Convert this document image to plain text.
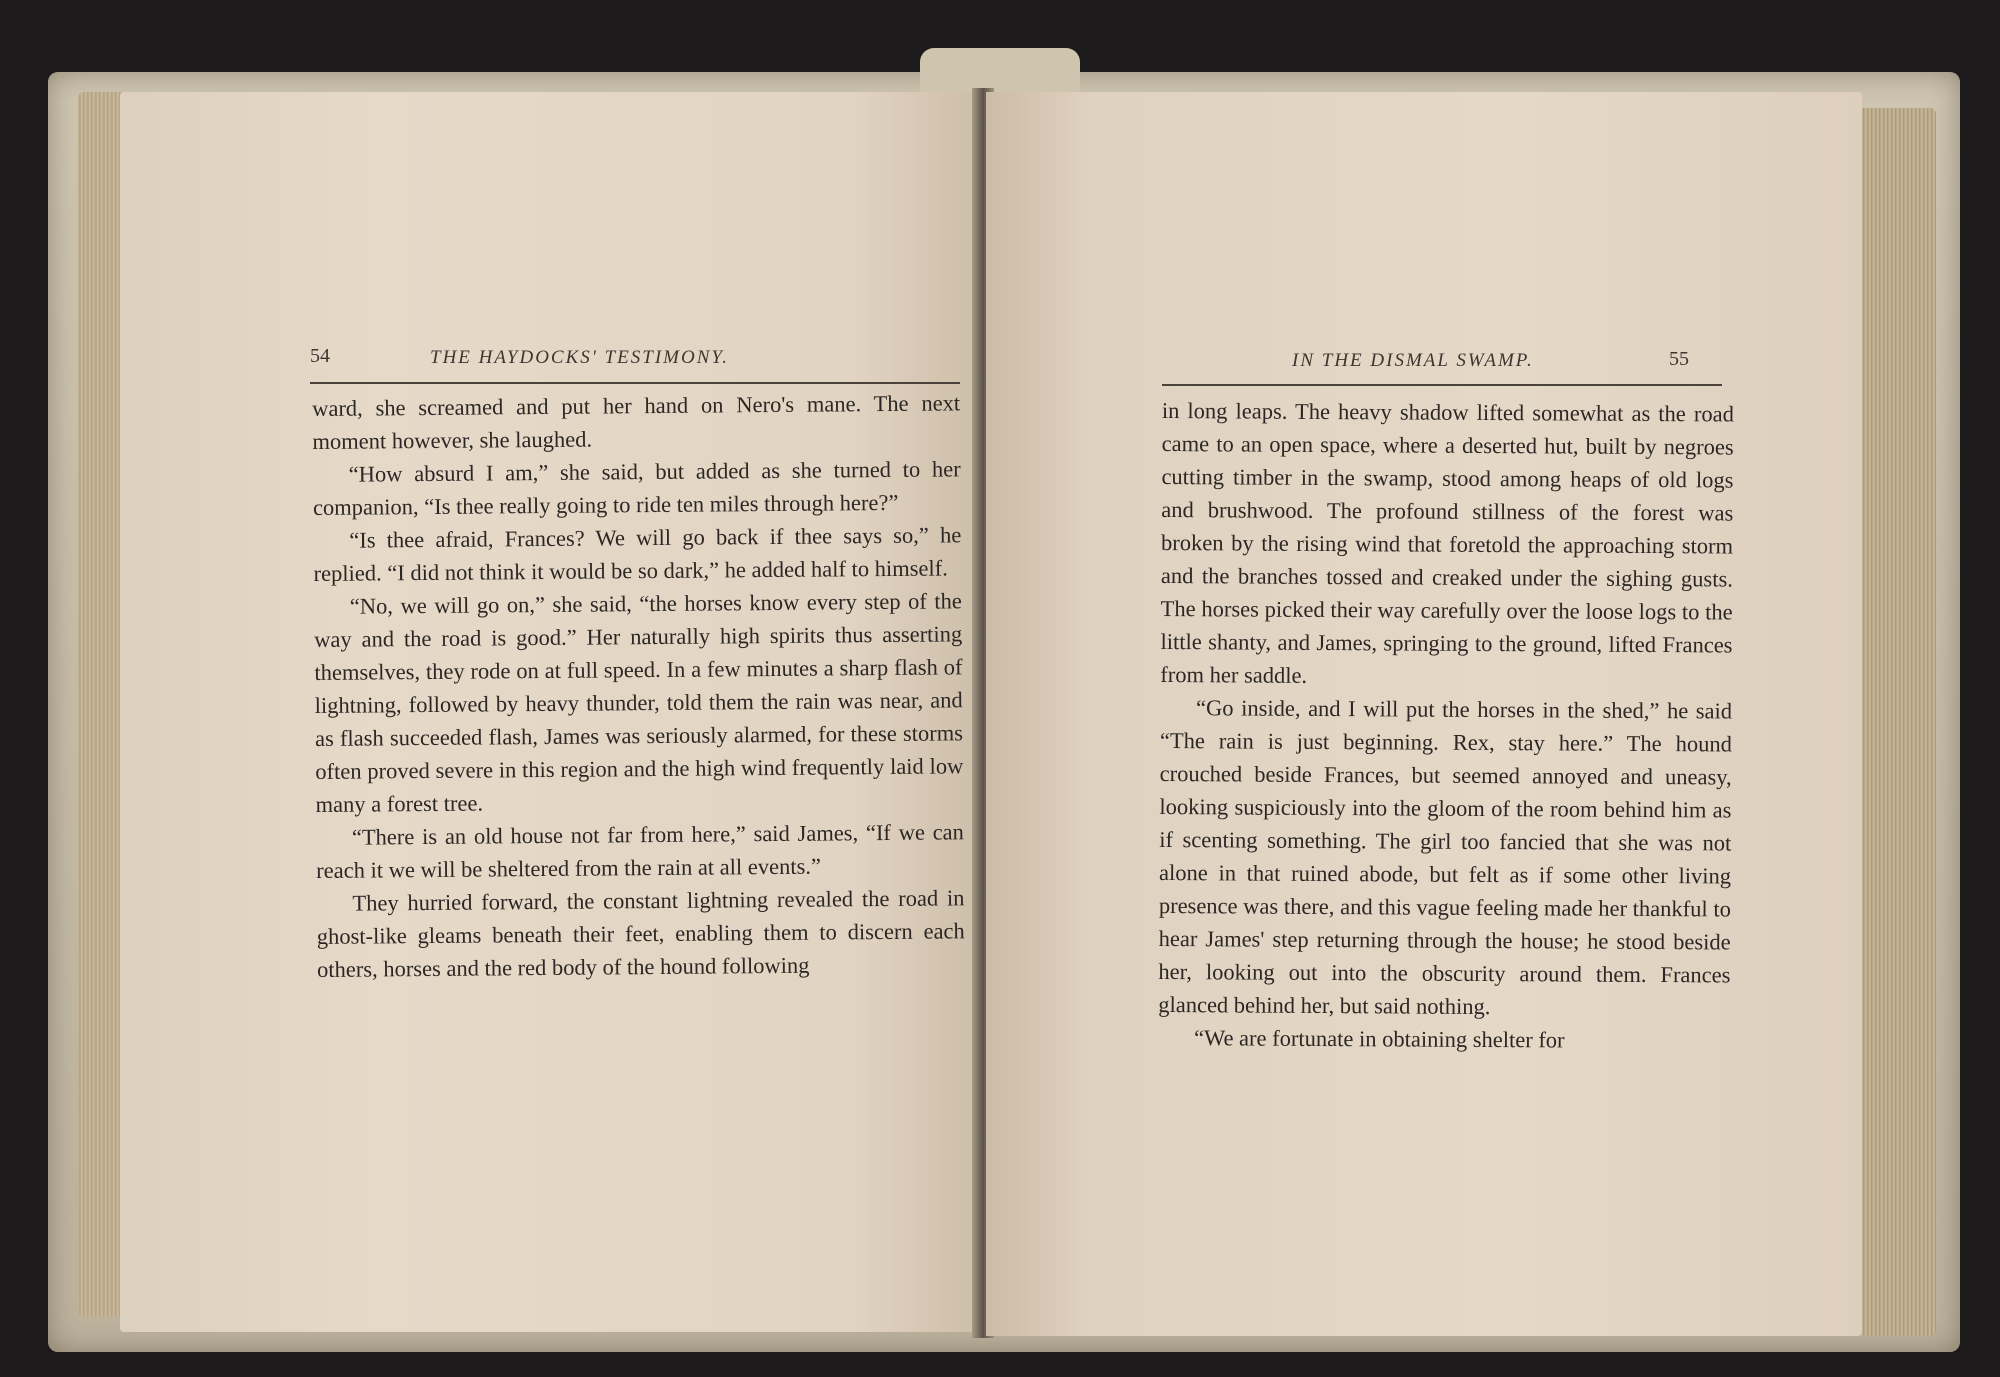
54	THE HAYDOCKS' TESTIMONY.

ward, she screamed and put her hand on Nero's mane. The next moment however, she laughed.

“How absurd I am,” she said, but added as she turned to her companion, “Is thee really going to ride ten miles through here?”

“Is thee afraid, Frances? We will go back if thee says so,” he replied. “I did not think it would be so dark,” he added half to himself.

“No, we will go on,” she said, “the horses know every step of the way and the road is good.” Her naturally high spirits thus asserting themselves, they rode on at full speed. In a few minutes a sharp flash of lightning, followed by heavy thunder, told them the rain was near, and as flash succeeded flash, James was seriously alarmed, for these storms often proved severe in this region and the high wind frequently laid low many a forest tree.

“There is an old house not far from here,” said James, “If we can reach it we will be sheltered from the rain at all events.”

They hurried forward, the constant lightning revealed the road in ghost-like gleams beneath their feet, enabling them to discern each others, horses and the red body of the hound following

IN THE DISMAL SWAMP.	55

in long leaps. The heavy shadow lifted somewhat as the road came to an open space, where a deserted hut, built by negroes cutting timber in the swamp, stood among heaps of old logs and brushwood. The profound stillness of the forest was broken by the rising wind that foretold the approaching storm and the branches tossed and creaked under the sighing gusts. The horses picked their way carefully over the loose logs to the little shanty, and James, springing to the ground, lifted Frances from her saddle.

“Go inside, and I will put the horses in the shed,” he said “The rain is just beginning. Rex, stay here.” The hound crouched beside Frances, but seemed annoyed and uneasy, looking suspiciously into the gloom of the room behind him as if scenting something. The girl too fancied that she was not alone in that ruined abode, but felt as if some other living presence was there, and this vague feeling made her thankful to hear James' step returning through the house; he stood beside her, looking out into the obscurity around them. Frances glanced behind her, but said nothing.

“We are fortunate in obtaining shelter for
